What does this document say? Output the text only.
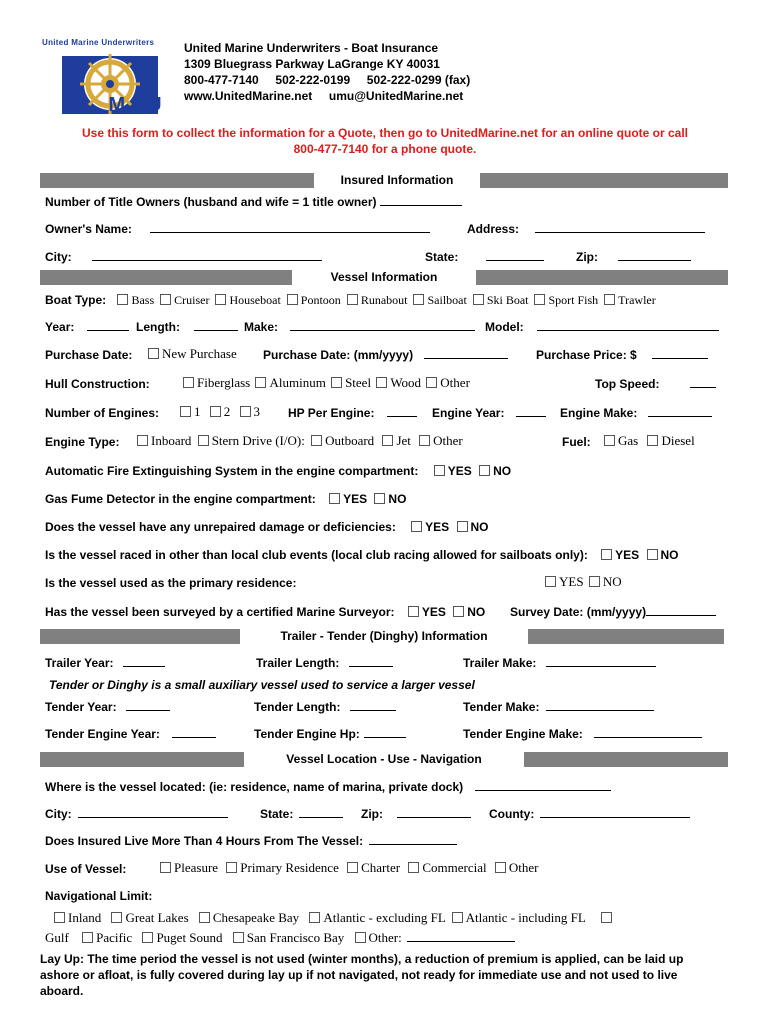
United Marine Underwriters
UMU
United Marine Underwriters - Boat Insurance
1309 Bluegrass Parkway LaGrange KY 40031
800-477-7140     502-222-0199     502-222-0299 (fax)
www.UnitedMarine.net     umu@UnitedMarine.net
Use this form to collect the information for a Quote, then go to UnitedMarine.net for an online quote or call
800-477-7140 for a phone quote.
Insured Information
Number of Title Owners (husband and wife = 1 title owner)
Owner's Name:	Address:
City:	State:	Zip:
Vessel Information
Boat Type: Bass Cruiser Houseboat Pontoon Runabout Sailboat Ski Boat Sport Fish Trawler
Year:	Length:	Make:	Model:
Purchase Date:	New Purchase Purchase Date: (mm/yyyy)	Purchase Price: $
Hull Construction:	Fiberglass Aluminum Steel Wood Other	Top Speed:
Number of Engines:	1 2 3 HP Per Engine:	Engine Year:	Engine Make:
Engine Type:	Inboard Stern Drive (I/O): Outboard Jet Other	Fuel:	Gas Diesel
Automatic Fire Extinguishing System in the engine compartment: YES NO
Gas Fume Detector in the engine compartment: YES NO
Does the vessel have any unrepaired damage or deficiencies: YES NO
Is the vessel raced in other than local club events (local club racing allowed for sailboats only): YES NO
Is the vessel used as the primary residence:	YES NO
Has the vessel been surveyed by a certified Marine Surveyor: YES NO Survey Date: (mm/yyyy)
Trailer - Tender (Dinghy) Information
Trailer Year:	Trailer Length:	Trailer Make:
Tender or Dinghy is a small auxiliary vessel used to service a larger vessel
Tender Year:	Tender Length:	Tender Make:
Tender Engine Year:	Tender Engine Hp:	Tender Engine Make:
Vessel Location - Use - Navigation
Where is the vessel located: (ie: residence, name of marina, private dock)
City:	State:	Zip:	County:
Does Insured Live More Than 4 Hours From The Vessel:
Use of Vessel:	Pleasure Primary Residence Charter Commercial Other
Navigational Limit:
Inland Great Lakes Chesapeake Bay Atlantic - excluding FL Atlantic - including FL
Gulf Pacific Puget Sound San Francisco Bay Other:
Lay Up: The time period the vessel is not used (winter months), a reduction of premium is applied, can be laid up
ashore or afloat, is fully covered during lay up if not navigated, not ready for immediate use and not used to live
aboard.
